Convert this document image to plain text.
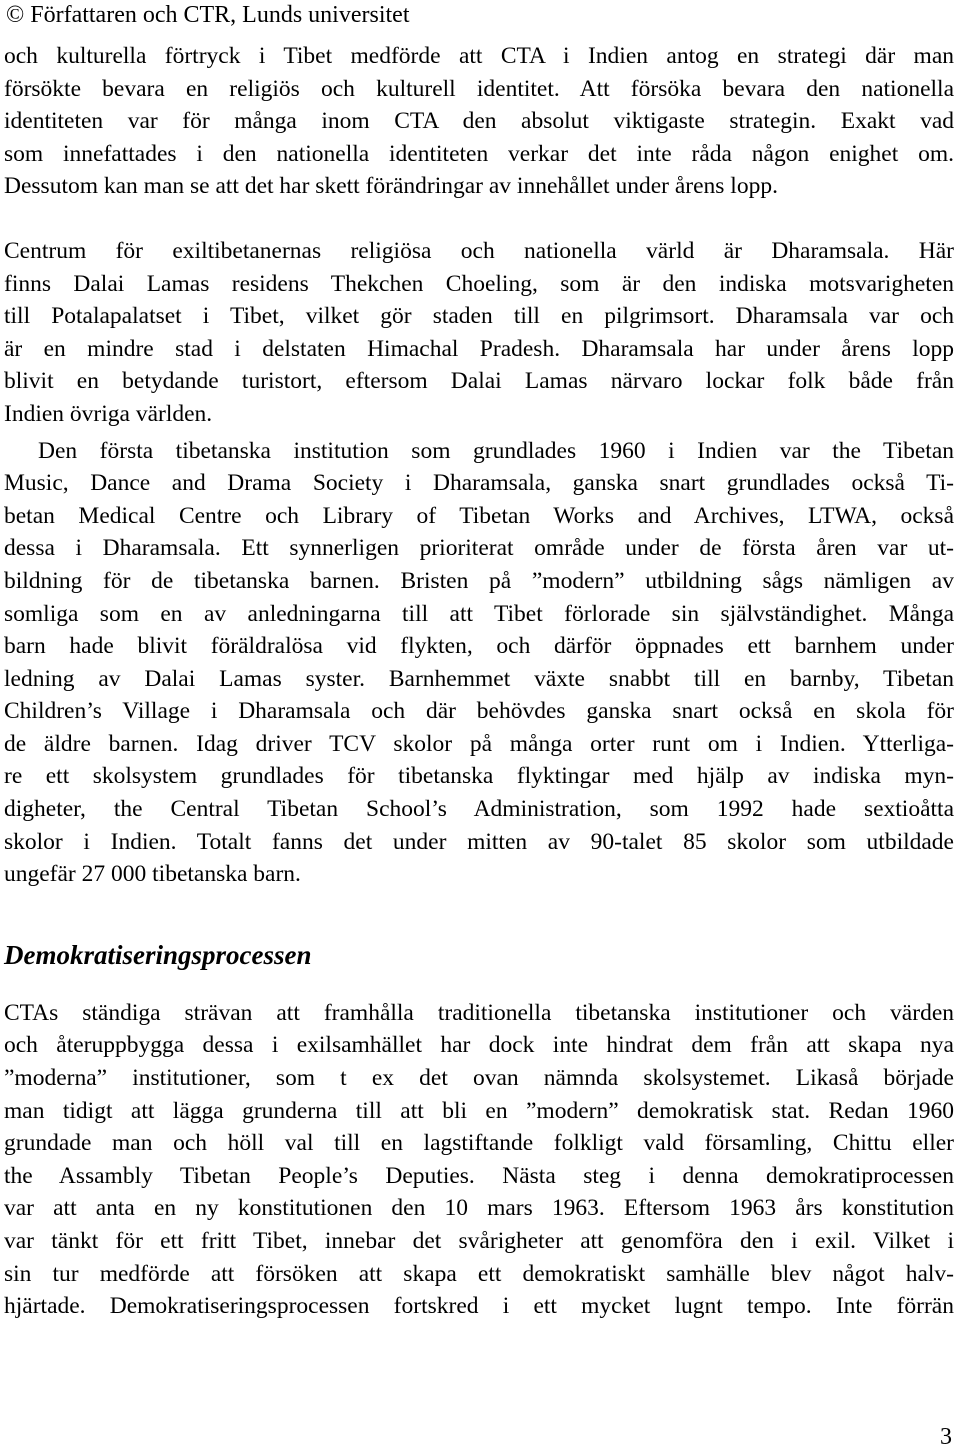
© Författaren och CTR, Lunds universitet
och kulturella förtryck i Tibet medförde att CTA i Indien antog en strategi där man
försökte bevara en religiös och kulturell identitet. Att försöka bevara den nationella
identiteten var för många inom CTA den absolut viktigaste strategin. Exakt vad
som innefattades i den nationella identiteten verkar det inte råda någon enighet om.
Dessutom kan man se att det har skett förändringar av innehållet under årens lopp.
Centrum för exiltibetanernas religiösa och nationella värld är Dharamsala. Här
finns Dalai Lamas residens Thekchen Choeling, som är den indiska motsvarigheten
till Potalapalatset i Tibet, vilket gör staden till en pilgrimsort. Dharamsala var och
är en mindre stad i delstaten Himachal Pradesh. Dharamsala har under årens lopp
blivit en betydande turistort, eftersom Dalai Lamas närvaro lockar folk både från
Indien övriga världen.
Den första tibetanska institution som grundlades 1960 i Indien var the Tibetan
Music, Dance and Drama Society i Dharamsala, ganska snart grundlades också Ti-
betan Medical Centre och Library of Tibetan Works and Archives, LTWA, också
dessa i Dharamsala. Ett synnerligen prioriterat område under de första åren var ut-
bildning för de tibetanska barnen. Bristen på ”modern” utbildning sågs nämligen av
somliga som en av anledningarna till att Tibet förlorade sin självständighet. Många
barn hade blivit föräldralösa vid flykten, och därför öppnades ett barnhem under
ledning av Dalai Lamas syster. Barnhemmet växte snabbt till en barnby, Tibetan
Children’s Village i Dharamsala och där behövdes ganska snart också en skola för
de äldre barnen. Idag driver TCV skolor på många orter runt om i Indien. Ytterliga-
re ett skolsystem grundlades för tibetanska flyktingar med hjälp av indiska myn-
digheter, the Central Tibetan School’s Administration, som 1992 hade sextioåtta
skolor i Indien. Totalt fanns det under mitten av 90-talet 85 skolor som utbildade
ungefär 27 000 tibetanska barn.
Demokratiseringsprocessen
CTAs ständiga strävan att framhålla traditionella tibetanska institutioner och värden
och återuppbygga dessa i exilsamhället har dock inte hindrat dem från att skapa nya
”moderna” institutioner, som t ex det ovan nämnda skolsystemet. Likaså började
man tidigt att lägga grunderna till att bli en ”modern” demokratisk stat. Redan 1960
grundade man och höll val till en lagstiftande folkligt vald församling, Chittu eller
the Assambly Tibetan People’s Deputies. Nästa steg i denna demokratiprocessen
var att anta en ny konstitutionen den 10 mars 1963. Eftersom 1963 års konstitution
var tänkt för ett fritt Tibet, innebar det svårigheter att genomföra den i exil. Vilket i
sin tur medförde att försöken att skapa ett demokratiskt samhälle blev något halv-
hjärtade. Demokratiseringsprocessen fortskred i ett mycket lugnt tempo. Inte förrän
3
